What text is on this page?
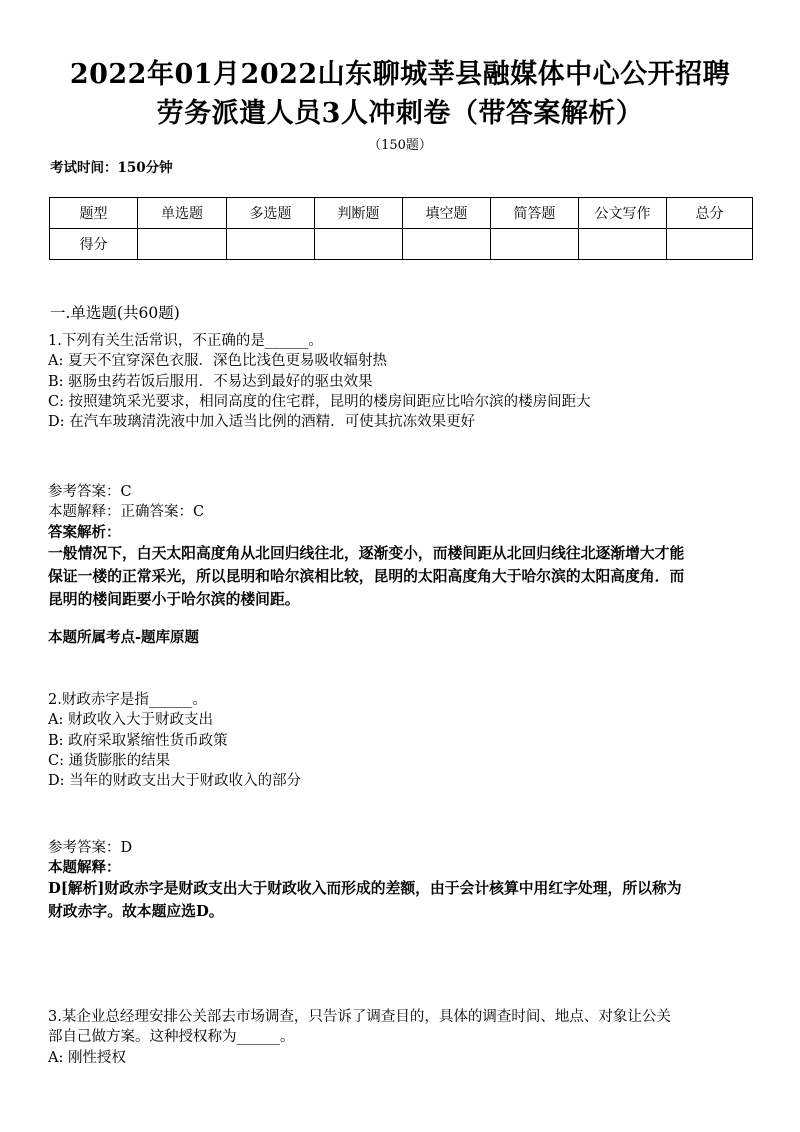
2022年01月2022山东聊城莘县融媒体中心公开招聘
劳务派遣人员3人冲刺卷（带答案解析）
（150题）
考试时间：150分钟
题型	单选题	多选题	判断题	填空题	简答题	公文写作	总分
得分							
一.单选题(共60题)
1.下列有关生活常识，不正确的是______。
A: 夏天不宜穿深色衣服．深色比浅色更易吸收辐射热
B: 驱肠虫药若饭后服用．不易达到最好的驱虫效果
C: 按照建筑采光要求，相同高度的住宅群，昆明的楼房间距应比哈尔滨的楼房间距大
D: 在汽车玻璃清洗液中加入适当比例的酒精．可使其抗冻效果更好
参考答案：C
本题解释：正确答案：C
答案解析：
一般情况下，白天太阳高度角从北回归线往北，逐渐变小，而楼间距从北回归线往北逐渐增大才能
保证一楼的正常采光，所以昆明和哈尔滨相比较，昆明的太阳高度角大于哈尔滨的太阳高度角．而
昆明的楼间距要小于哈尔滨的楼间距。
本题所属考点-题库原题
2.财政赤字是指______。
A: 财政收入大于财政支出
B: 政府采取紧缩性货币政策
C: 通货膨胀的结果
D: 当年的财政支出大于财政收入的部分
参考答案：D
本题解释：
D[解析]财政赤字是财政支出大于财政收入而形成的差额，由于会计核算中用红字处理，所以称为
财政赤字。故本题应选D。
3.某企业总经理安排公关部去市场调查，只告诉了调查目的，具体的调查时间、地点、对象让公关
部自己做方案。这种授权称为______。
A: 刚性授权
